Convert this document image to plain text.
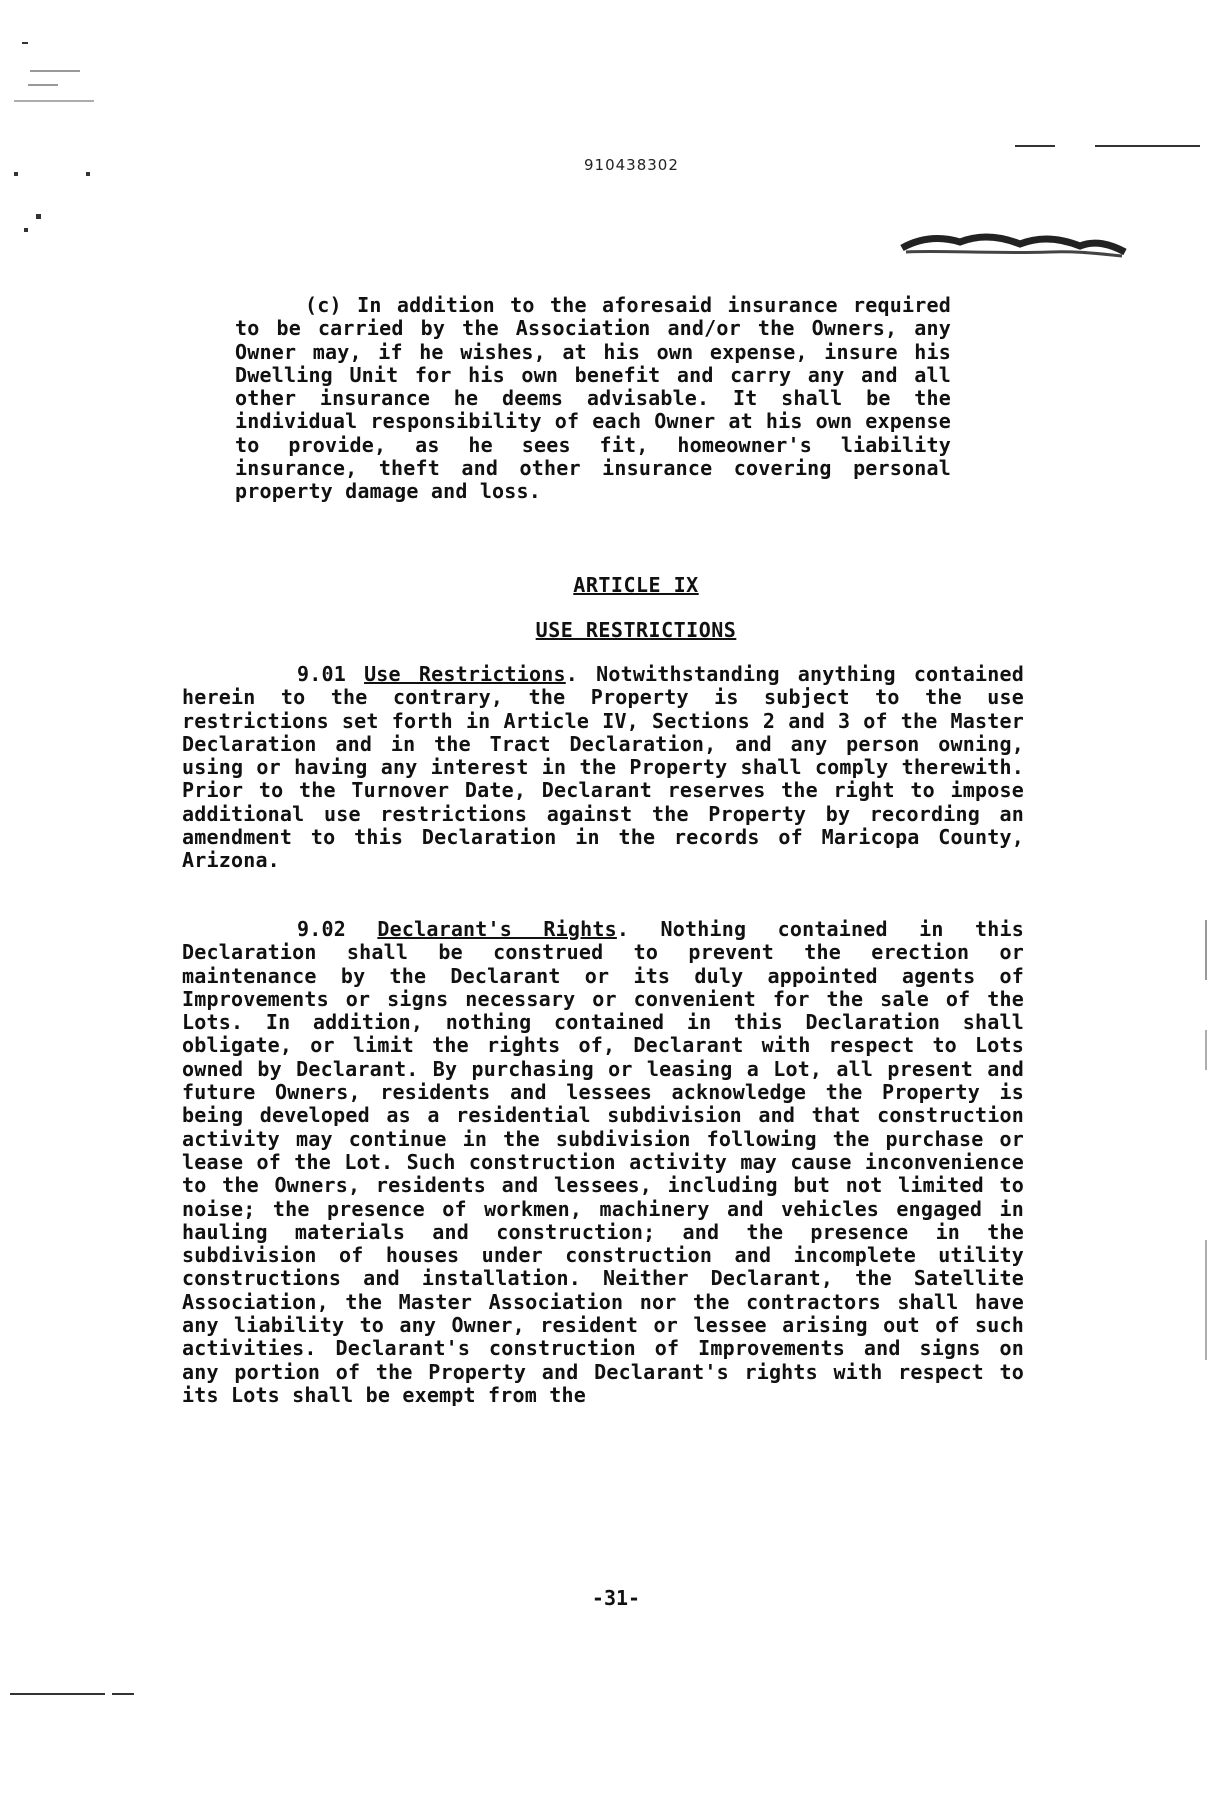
910438302
(c) In addition to the aforesaid insurance required to be carried by the Association and/or the Owners, any Owner may, if he wishes, at his own expense, insure his Dwelling Unit for his own benefit and carry any and all other insurance he deems advisable. It shall be the individual responsibility of each Owner at his own expense to provide, as he sees fit, homeowner's liability insurance, theft and other insurance covering personal property damage and loss.
ARTICLE IX
USE RESTRICTIONS
9.01 Use Restrictions. Notwithstanding anything contained herein to the contrary, the Property is subject to the use restrictions set forth in Article IV, Sections 2 and 3 of the Master Declaration and in the Tract Declaration, and any person owning, using or having any interest in the Property shall comply therewith. Prior to the Turnover Date, Declarant reserves the right to impose additional use restrictions against the Property by recording an amendment to this Declaration in the records of Maricopa County, Arizona.
9.02 Declarant's Rights. Nothing contained in this Declaration shall be construed to prevent the erection or maintenance by the Declarant or its duly appointed agents of Improvements or signs necessary or convenient for the sale of the Lots. In addition, nothing contained in this Declaration shall obligate, or limit the rights of, Declarant with respect to Lots owned by Declarant. By purchasing or leasing a Lot, all present and future Owners, residents and lessees acknowledge the Property is being developed as a residential subdivision and that construction activity may continue in the subdivision following the purchase or lease of the Lot. Such construction activity may cause inconvenience to the Owners, residents and lessees, including but not limited to noise; the presence of workmen, machinery and vehicles engaged in hauling materials and construction; and the presence in the subdivision of houses under construction and incomplete utility constructions and installation. Neither Declarant, the Satellite Association, the Master Association nor the contractors shall have any liability to any Owner, resident or lessee arising out of such activities. Declarant's construction of Improvements and signs on any portion of the Property and Declarant's rights with respect to its Lots shall be exempt from the
-31-
